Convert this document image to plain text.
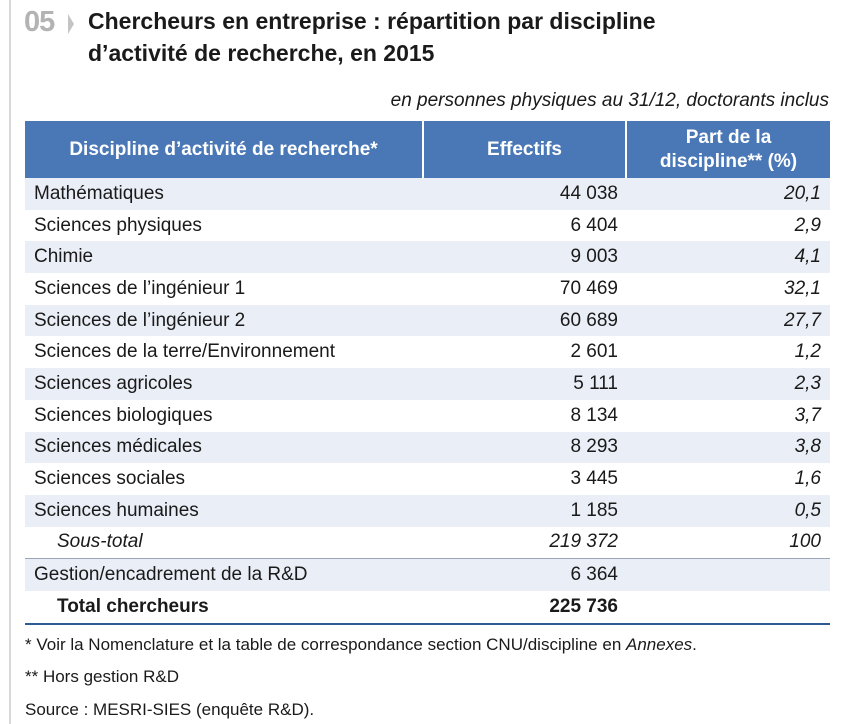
05 Chercheurs en entreprise : répartition par discipline
d’activité de recherche, en 2015
en personnes physiques au 31/12, doctorants inclus
Discipline d’activité de recherche*	Effectifs	Part de la
discipline** (%)

Mathématiques	44 038	20,1
Sciences physiques	6 404	2,9
Chimie	9 003	4,1
Sciences de l’ingénieur 1	70 469	32,1
Sciences de l’ingénieur 2	60 689	27,7
Sciences de la terre/Environnement	2 601	1,2
Sciences agricoles	5 111	2,3
Sciences biologiques	8 134	3,7
Sciences médicales	8 293	3,8
Sciences sociales	3 445	1,6
Sciences humaines	1 185	0,5
Sous-total	219 372	100
Gestion/encadrement de la R&D	6 364	
Total chercheurs	225 736	
* Voir la Nomenclature et la table de correspondance section CNU/discipline en Annexes.
** Hors gestion R&D
Source : MESRI-SIES (enquête R&D).
